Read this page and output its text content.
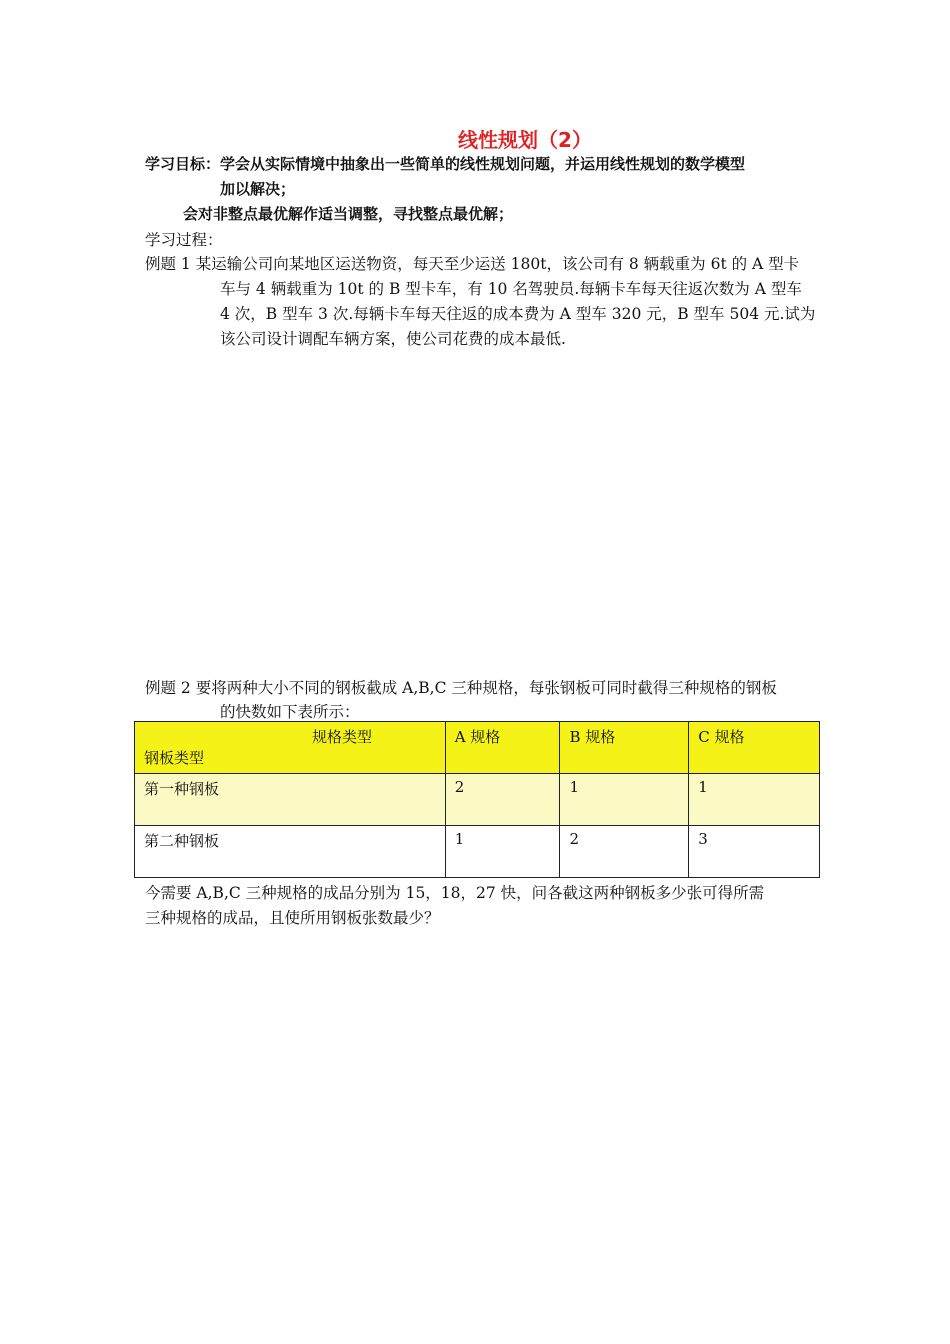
线性规划（2）
学习目标：学会从实际情境中抽象出一些简单的线性规划问题，并运用线性规划的数学模型
加以解决；
会对非整点最优解作适当调整，寻找整点最优解；
学习过程：
例题 1 某运输公司向某地区运送物资，每天至少运送 180t，该公司有 8 辆载重为 6t 的 A 型卡
车与 4 辆载重为 10t 的 B 型卡车，有 10 名驾驶员.每辆卡车每天往返次数为 A 型车
4 次，B 型车 3 次.每辆卡车每天往返的成本费为 A 型车 320 元，B 型车 504 元.试为
该公司设计调配车辆方案，使公司花费的成本最低.
例题 2 要将两种大小不同的钢板截成 A,B,C 三种规格，每张钢板可同时截得三种规格的钢板
的快数如下表所示：
规格类型
钢板类型	A 规格	B 规格	C 规格
第一种钢板	2	1	1
第二种钢板	1	2	3
今需要 A,B,C 三种规格的成品分别为 15，18，27 快，问各截这两种钢板多少张可得所需
三种规格的成品，且使所用钢板张数最少？
